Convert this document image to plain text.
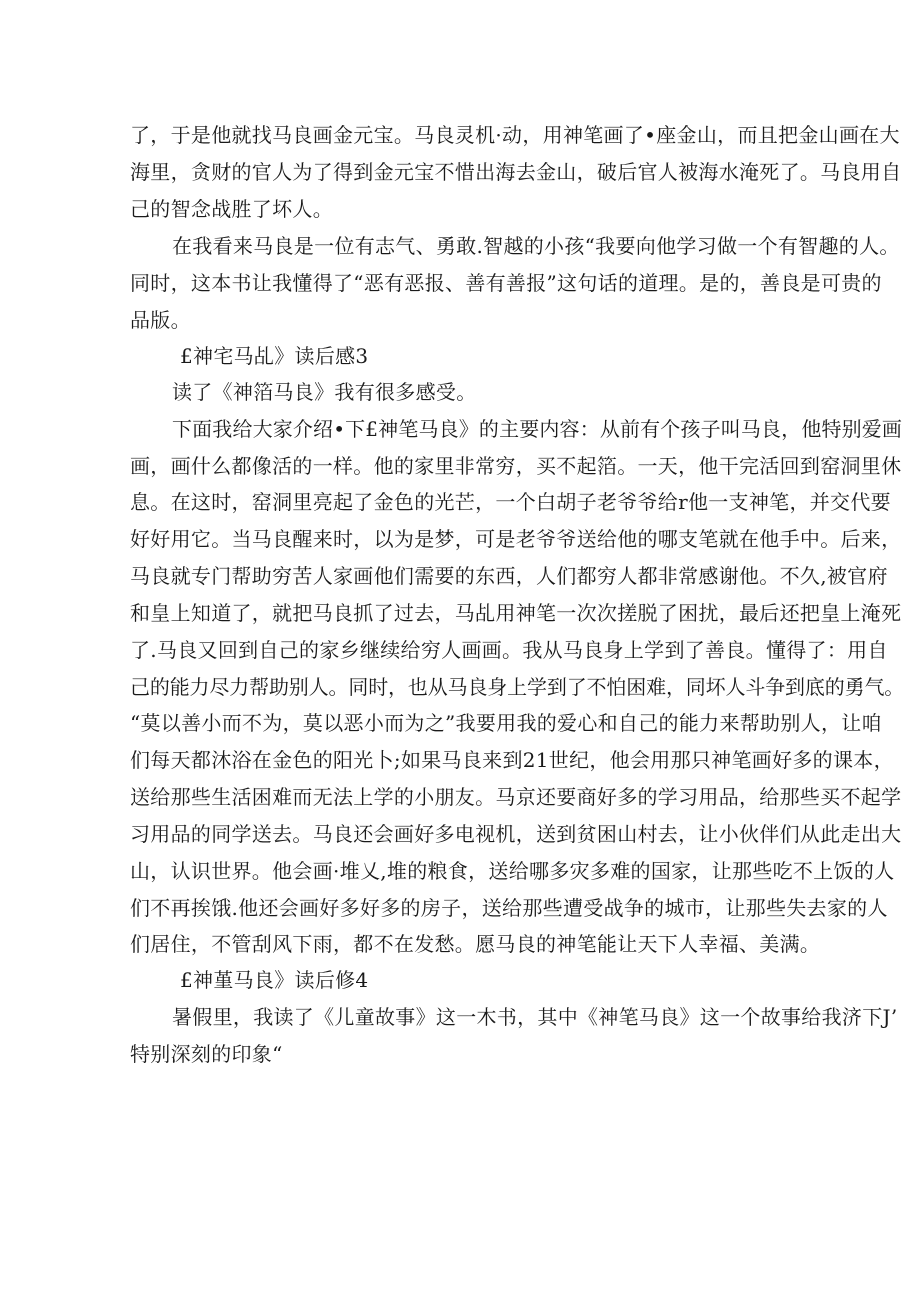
了，于是他就找马良画金元宝。马良灵机·动，用神笔画了•座金山，而且把金山画在大
海里，贪财的官人为了得到金元宝不惜出海去金山，破后官人被海水淹死了。马良用自
己的智念战胜了坏人。
在我看来马良是一位有志气、勇敢.智越的小孩“我要向他学习做一个有智趣的人。
同时，这本书让我懂得了“恶有恶报、善有善报”这句话的道理。是的，善良是可贵的
品版。
£神宅马乩》读后感3
读了《神箔马良》我有很多感受。
下面我给大家介绍•下£神笔马良》的主要内容：从前有个孩子叫马良，他特别爱画
画，画什么都像活的一样。他的家里非常穷，买不起箔。一天，他干完活回到窑洞里休
息。在这时，窑洞里亮起了金色的光芒，一个白胡子老爷爷给r他一支神笔，并交代要
好好用它。当马良醒来时，以为是梦，可是老爷爷送给他的哪支笔就在他手中。后来，
马良就专门帮助穷苦人家画他们需要的东西，人们都穷人都非常感谢他。不久,被官府
和皇上知道了，就把马良抓了过去，马乩用神笔一次次搓脱了困扰，最后还把皇上淹死
了.马良又回到自己的家乡继续给穷人画画。我从马良身上学到了善良。懂得了：用自
己的能力尽力帮助别人。同时，也从马良身上学到了不怕困难，同坏人斗争到底的勇气。
“莫以善小而不为，莫以恶小而为之”我要用我的爱心和自己的能力来帮助别人，让咱
们每天都沐浴在金色的阳光卜;如果马良来到21世纪，他会用那只神笔画好多的课本，
送给那些生活困难而无法上学的小朋友。马京还要商好多的学习用品，给那些买不起学
习用品的同学送去。马良还会画好多电视机，送到贫困山村去，让小伙伴们从此走出大
山，认识世界。他会画·堆乂,堆的粮食，送给哪多灾多难的国家，让那些吃不上饭的人
们不再挨饿.他还会画好多好多的房子，送给那些遭受战争的城市，让那些失去家的人
们居住，不管刮风下雨，都不在发愁。愿马良的神笔能让天下人幸福、美满。
£神堇马良》读后修4
暑假里，我读了《儿童故事》这一木书，其中《神笔马良》这一个故事给我济下J’
特别深刻的印象“
